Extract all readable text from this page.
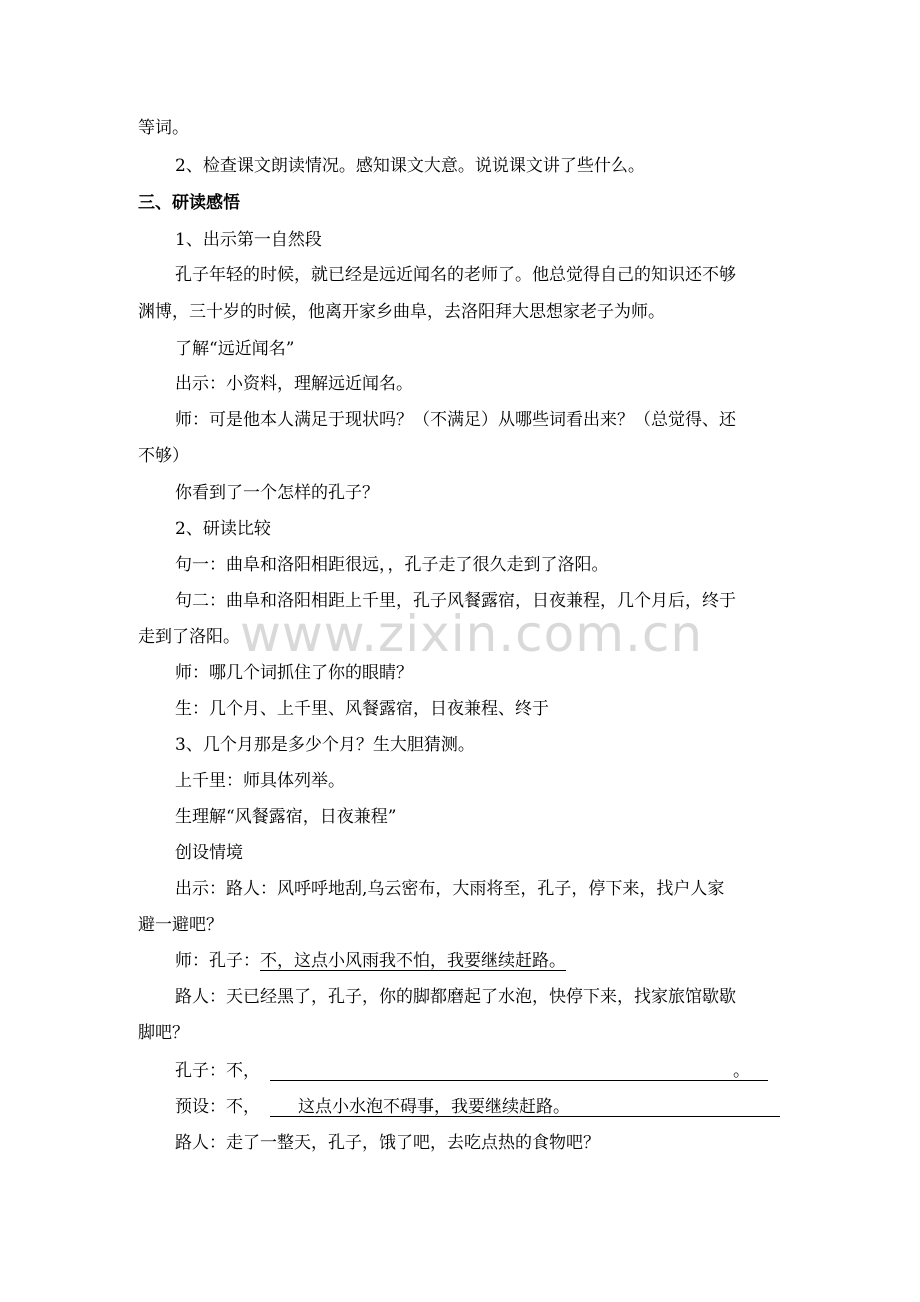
www.zixin.com.cn

等词。

2、检查课文朗读情况。感知课文大意。说说课文讲了些什么。

三、研读感悟

1、出示第一自然段

孔子年轻的时候，就已经是远近闻名的老师了。他总觉得自己的知识还不够

渊博，三十岁的时候，他离开家乡曲阜，去洛阳拜大思想家老子为师。

了解“远近闻名”

出示：小资料，理解远近闻名。

师：可是他本人满足于现状吗？（不满足）从哪些词看出来？（总觉得、还

不够）

你看到了一个怎样的孔子？

2、研读比较

句一：曲阜和洛阳相距很远，，孔子走了很久走到了洛阳。

句二：曲阜和洛阳相距上千里，孔子风餐露宿，日夜兼程，几个月后，终于

走到了洛阳。

师：哪几个词抓住了你的眼睛？

生：几个月、上千里、风餐露宿，日夜兼程、终于

3、几个月那是多少个月？生大胆猜测。

上千里：师具体列举。

生理解“风餐露宿，日夜兼程”

创设情境

出示：路人：风呼呼地刮,乌云密布，大雨将至，孔子，停下来，找户人家

避一避吧？

师：孔子：不，这点小风雨我不怕，我要继续赶路。

路人：天已经黑了，孔子，你的脚都磨起了水泡，快停下来，找家旅馆歇歇

脚吧？

孔子：不，	。

预设：不， 这点小水泡不碍事，我要继续赶路。

路人：走了一整天，孔子，饿了吧，去吃点热的食物吧？
